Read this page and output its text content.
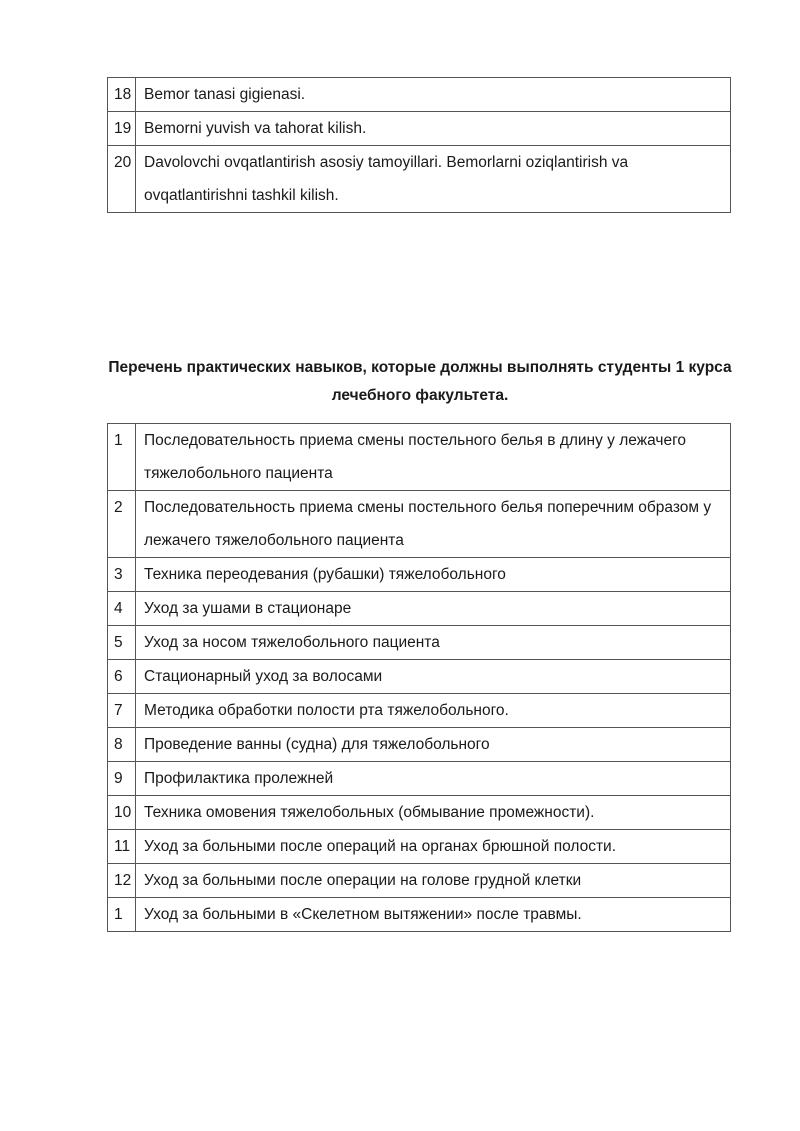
18	Bemor tanasi gigienasi.
19	Bemorni yuvish va tahorat kilish.
20	Davolovchi ovqatlantirish asosiy tamoyillari. Bemorlarni oziqlantirish va ovqatlantirishni tashkil kilish.
Перечень практических навыков, которые должны выполнять студенты 1 курса лечебного факультета.
1	Последовательность приема смены постельного белья в длину у лежачего тяжелобольного пациента
2	Последовательность приема смены постельного белья поперечним образом у лежачего тяжелобольного пациента
3	Техника переодевания (рубашки) тяжелобольного
4	Уход за ушами в стационаре
5	Уход за носом тяжелобольного пациента
6	Стационарный уход за волосами
7	Методика обработки полости рта тяжелобольного.
8	Проведение ванны (судна) для тяжелобольного
9	Профилактика пролежней
10	Техника омовения тяжелобольных (обмывание промежности).
11	Уход за больными после операций на органах брюшной полости.
12	Уход за больными после операции на голове грудной клетки
1	Уход за больными в «Скелетном вытяжении» после травмы.
